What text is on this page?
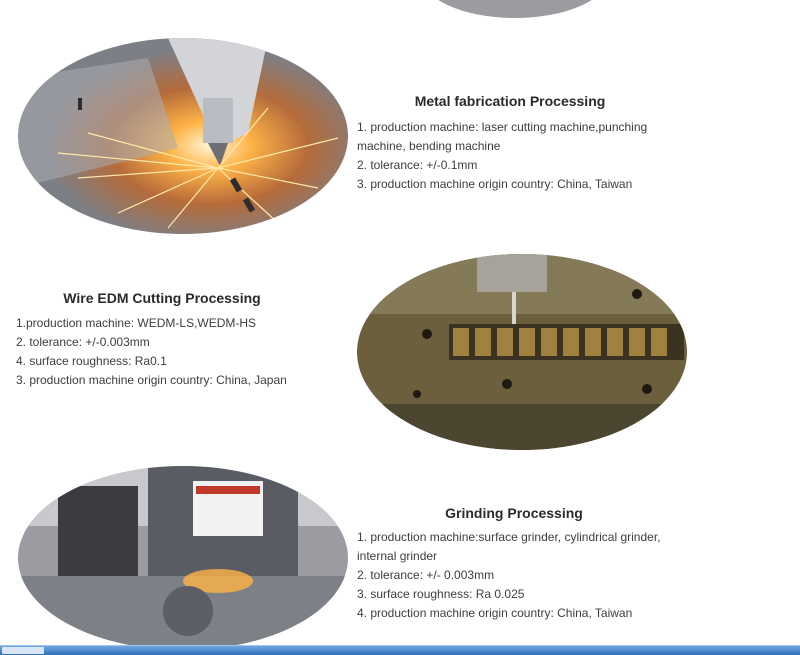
Metal fabrication Processing
1. production machine: laser cutting machine,punching
machine, bending machine
2. tolerance: +/-0.1mm
3. production machine origin country: China, Taiwan
Wire EDM Cutting Processing
1.production machine: WEDM-LS,WEDM-HS
2. tolerance: +/-0.003mm
4. surface roughness: Ra0.1
3. production machine origin country: China, Japan
Grinding Processing
1. production machine:surface grinder, cylindrical grinder,
internal grinder
2. tolerance: +/- 0.003mm
3. surface roughness: Ra 0.025
4. production machine origin country: China, Taiwan
